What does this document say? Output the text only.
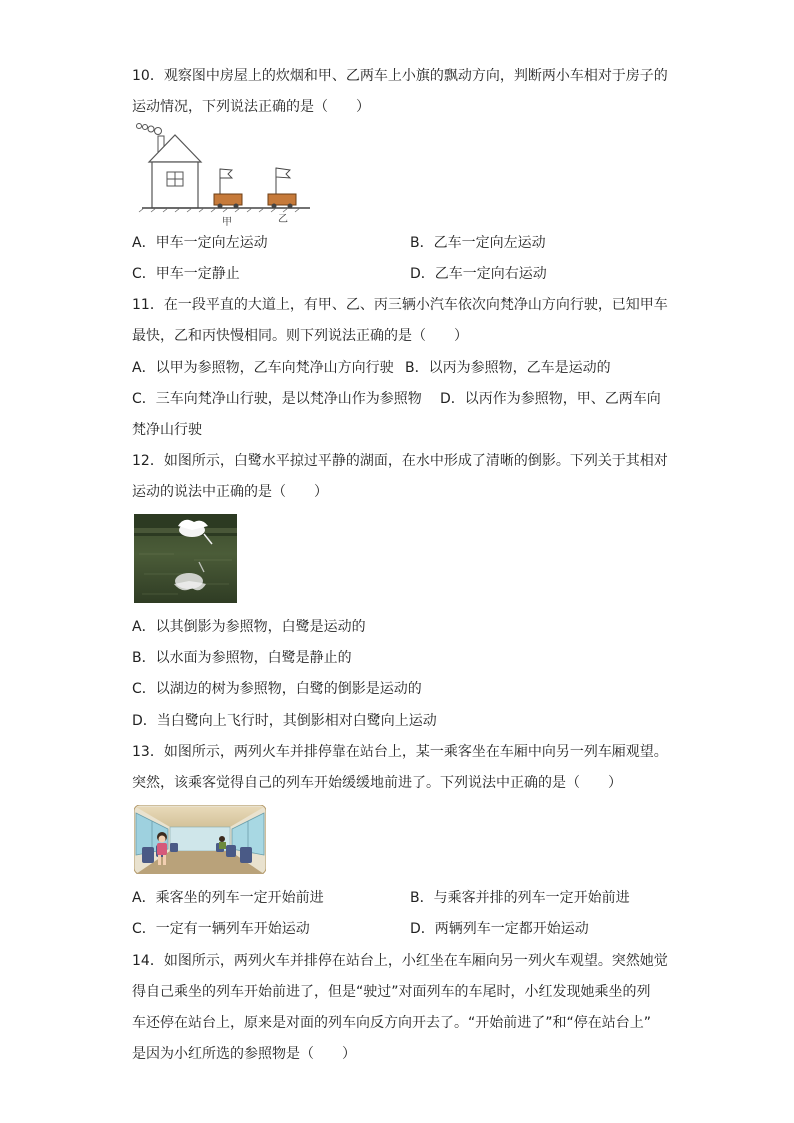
10．观察图中房屋上的炊烟和甲、乙两车上小旗的飘动方向，判断两小车相对于房子的
运动情况，下列说法正确的是（　　）
甲	乙
A．甲车一定向左运动	B．乙车一定向左运动
C．甲车一定静止	D．乙车一定向右运动
11．在一段平直的大道上，有甲、乙、丙三辆小汽车依次向梵净山方向行驶，已知甲车
最快，乙和丙快慢相同。则下列说法正确的是（　　）
A．以甲为参照物，乙车向梵净山方向行驶 B．以丙为参照物，乙车是运动的
C．三车向梵净山行驶，是以梵净山作为参照物 D．以丙作为参照物，甲、乙两车向
梵净山行驶
12．如图所示，白鹭水平掠过平静的湖面，在水中形成了清晰的倒影。下列关于其相对
运动的说法中正确的是（　　）
A．以其倒影为参照物，白鹭是运动的
B．以水面为参照物，白鹭是静止的
C．以湖边的树为参照物，白鹭的倒影是运动的
D．当白鹭向上飞行时，其倒影相对白鹭向上运动
13．如图所示，两列火车并排停靠在站台上，某一乘客坐在车厢中向另一列车厢观望。
突然，该乘客觉得自己的列车开始缓缓地前进了。下列说法中正确的是（　　）
A．乘客坐的列车一定开始前进	B．与乘客并排的列车一定开始前进
C．一定有一辆列车开始运动	D．两辆列车一定都开始运动
14．如图所示，两列火车并排停在站台上，小红坐在车厢向另一列火车观望。突然她觉
得自己乘坐的列车开始前进了，但是“驶过”对面列车的车尾时，小红发现她乘坐的列
车还停在站台上，原来是对面的列车向反方向开去了。“开始前进了”和“停在站台上”
是因为小红所选的参照物是（　　）
